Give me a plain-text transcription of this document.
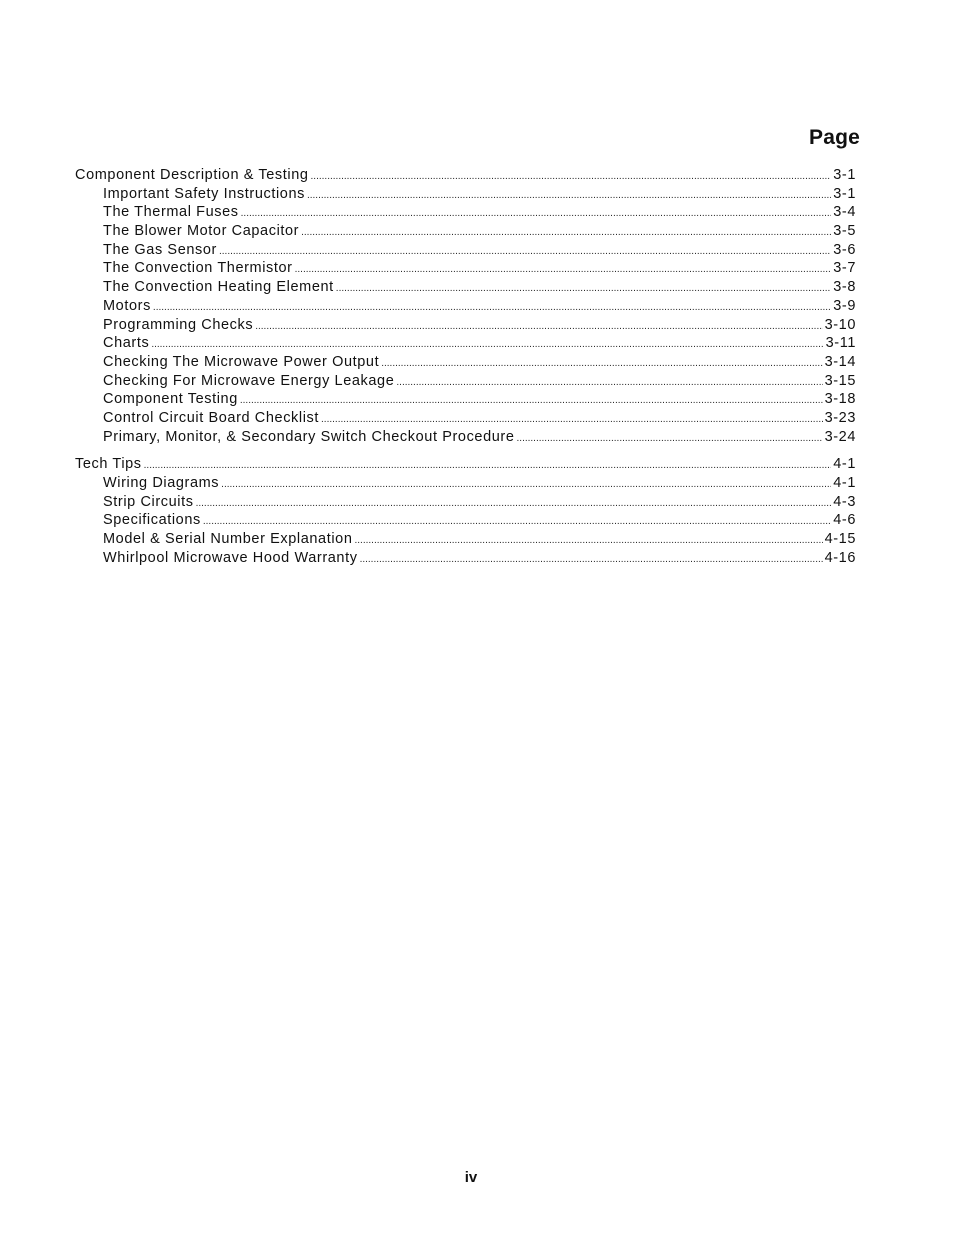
Page
Component Description & Testing .....	3-1
Important Safety Instructions .....	3-1
The Thermal Fuses .....	3-4
The Blower Motor Capacitor .....	3-5
The Gas Sensor .....	3-6
The Convection Thermistor .....	3-7
The Convection Heating Element .....	3-8
Motors .....	3-9
Programming Checks .....	3-10
Charts .....	3-11
Checking The Microwave Power Output .....	3-14
Checking For Microwave Energy Leakage .....	3-15
Component Testing .....	3-18
Control Circuit Board Checklist .....	3-23
Primary, Monitor, & Secondary Switch Checkout Procedure .....	3-24
Tech Tips .....	4-1
Wiring Diagrams .....	4-1
Strip Circuits .....	4-3
Specifications .....	4-6
Model & Serial Number Explanation .....	4-15
Whirlpool Microwave Hood Warranty .....	4-16
iv
